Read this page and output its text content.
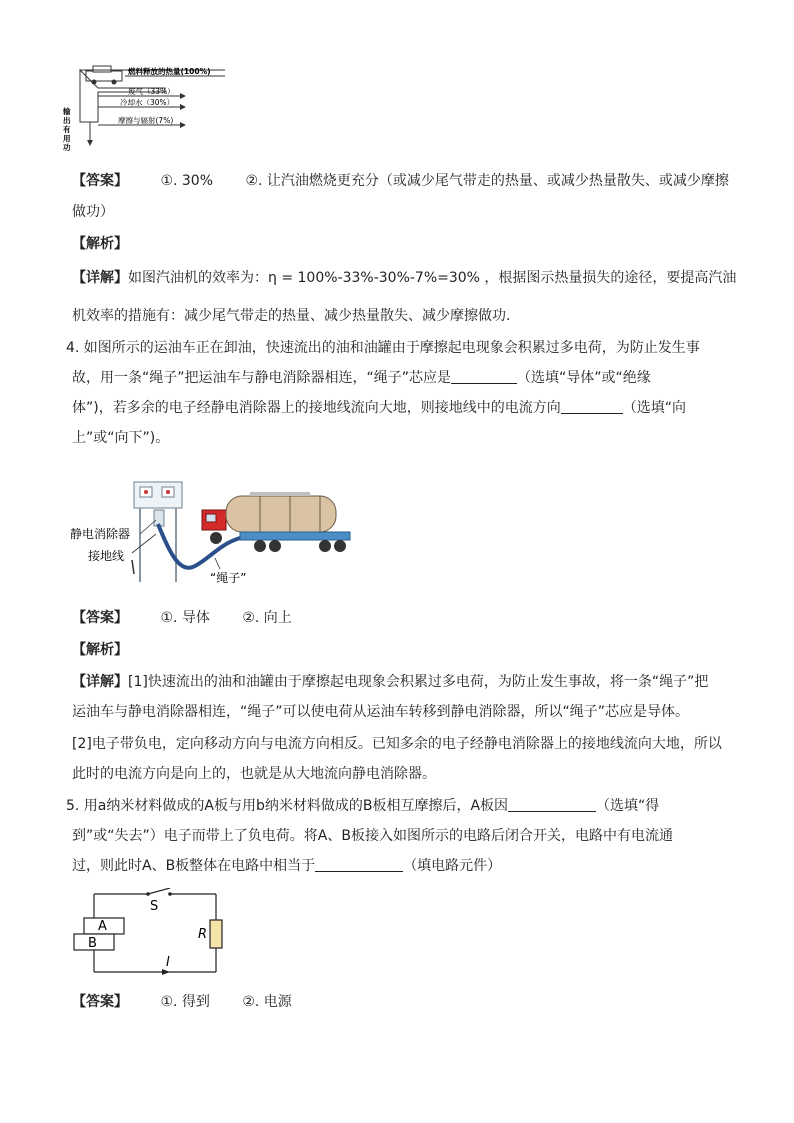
燃料释放的热量(100%)
废气（33%）
冷却水（30%）
摩擦与辐射(7%)
输
出
有
用
功
【答案】 ①. 30% ②. 让汽油燃烧更充分（或减少尾气带走的热量、或减少热量散失、或减少摩擦
做功）
【解析】
【详解】如图汽油机的效率为：η = 100%-33%-30%-7%=30% ，根据图示热量损失的途径，要提高汽油
机效率的措施有：减少尾气带走的热量、减少热量散失、减少摩擦做功.
4. 如图所示的运油车正在卸油，快速流出的油和油罐由于摩擦起电现象会积累过多电荷，为防止发生事
故，用一条“绳子”把运油车与静电消除器相连，“绳子”芯应是	（选填“导体”或“绝缘
体”)，若多余的电子经静电消除器上的接地线流向大地，则接地线中的电流方向	（选填“向
上”或“向下”)。
静电消除器
接地线
“绳子”
【答案】 ①. 导体 ②. 向上
【解析】
【详解】[1]快速流出的油和油罐由于摩擦起电现象会积累过多电荷，为防止发生事故，将一条“绳子”把
运油车与静电消除器相连，“绳子”可以使电荷从运油车转移到静电消除器，所以“绳子”芯应是导体。
[2]电子带负电，定向移动方向与电流方向相反。已知多余的电子经静电消除器上的接地线流向大地，所以
此时的电流方向是向上的，也就是从大地流向静电消除器。
5. 用a纳米材料做成的A板与用b纳米材料做成的B板相互摩擦后，A板因	（选填“得
到”或“失去”）电子而带上了负电荷。将A、B板接入如图所示的电路后闭合开关，电路中有电流通
过，则此时A、B板整体在电路中相当于	（填电路元件）
A
B
S
R
I
【答案】 ①. 得到 ②. 电源
